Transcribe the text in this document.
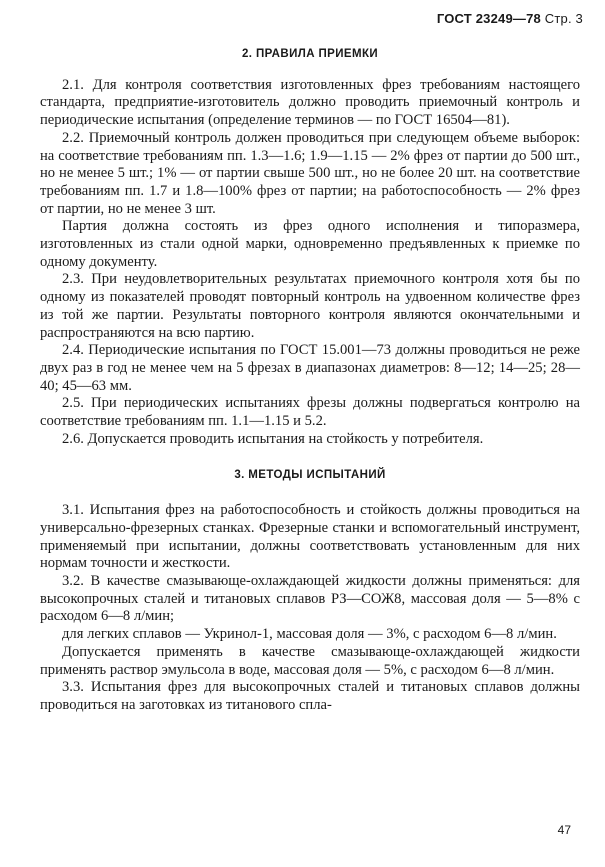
ГОСТ 23249—78 Стр. 3
2. ПРАВИЛА ПРИЕМКИ

2.1. Для контроля соответствия изготовленных фрез требованиям настоящего стандарта, предприятие-изготовитель должно проводить приемочный контроль и периодические испытания (определение терминов — по ГОСТ 16504—81).

2.2. Приемочный контроль должен проводиться при следующем объеме выборок: на соответствие требованиям пп. 1.3—1.6; 1.9—1.15 — 2% фрез от партии до 500 шт., но не менее 5 шт.; 1% — от партии свыше 500 шт., но не более 20 шт. на соответствие требованиям пп. 1.7 и 1.8—100% фрез от партии; на работоспособность — 2% фрез от партии, но не менее 3 шт.

Партия должна состоять из фрез одного исполнения и типоразмера, изготовленных из стали одной марки, одновременно предъявленных к приемке по одному документу.

2.3. При неудовлетворительных результатах приемочного контроля хотя бы по одному из показателей проводят повторный контроль на удвоенном количестве фрез из той же партии. Результаты повторного контроля являются окончательными и распространяются на всю партию.

2.4. Периодические испытания по ГОСТ 15.001—73 должны проводиться не реже двух раз в год не менее чем на 5 фрезах в диапазонах диаметров: 8—12; 14—25; 28—40; 45—63 мм.

2.5. При периодических испытаниях фрезы должны подвергаться контролю на соответствие требованиям пп. 1.1—1.15 и 5.2.

2.6. Допускается проводить испытания на стойкость у потребителя.

3. МЕТОДЫ ИСПЫТАНИЙ

3.1. Испытания фрез на работоспособность и стойкость должны проводиться на универсально-фрезерных станках. Фрезерные станки и вспомогательный инструмент, применяемый при испытании, должны соответствовать установленным для них нормам точности и жесткости.

3.2. В качестве смазывающе-охлаждающей жидкости должны применяться: для высокопрочных сталей и титановых сплавов РЗ—СОЖ8, массовая доля — 5—8% с расходом 6—8 л/мин;

для легких сплавов — Укринол-1, массовая доля — 3%, с расходом 6—8 л/мин.

Допускается применять в качестве смазывающе-охлаждающей жидкости применять раствор эмульсола в воде, массовая доля — 5%, с расходом 6—8 л/мин.

3.3. Испытания фрез для высокопрочных сталей и титановых сплавов должны проводиться на заготовках из титанового спла-

47
